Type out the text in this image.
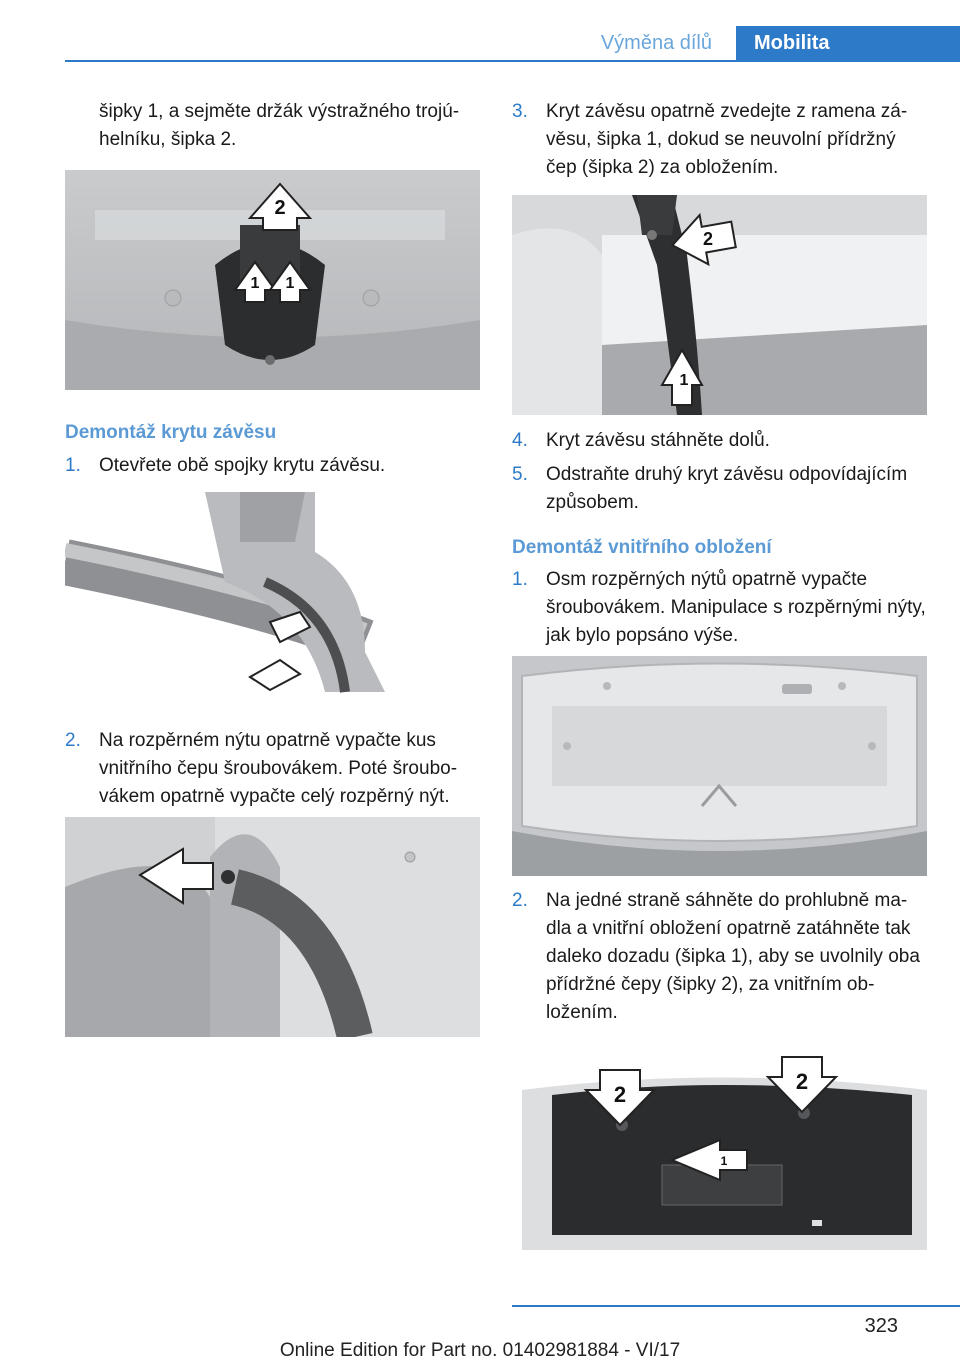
Výměna dílů	Mobilita

šipky 1, a sejměte držák výstražného trojú‐ helníku, šipka 2.

2
1 1
Demontáž krytu závěsu
1. Otevřete obě spojky krytu závěsu.
2. Na rozpěrném nýtu opatrně vypačte kus vnitřního čepu šroubovákem. Poté šroubo‐ vákem opatrně vypačte celý rozpěrný nýt.
3. Kryt závěsu opatrně zvedejte z ramena zá‐ věsu, šipka 1, dokud se neuvolní přídržný čep (šipka 2) za obložením.
2
1
4. Kryt závěsu stáhněte dolů.
5. Odstraňte druhý kryt závěsu odpovídajícím způsobem.
Demontáž vnitřního obložení
1. Osm rozpěrných nýtů opatrně vypačte šroubovákem. Manipulace s rozpěrnými nýty, jak bylo popsáno výše.
2. Na jedné straně sáhněte do prohlubně ma‐ dla a vnitřní obložení opatrně zatáhněte tak daleko dozadu (šipka 1), aby se uvolnily oba přídržné čepy (šipky 2), za vnitřním ob‐ ložením.
2
2
1
323
Online Edition for Part no. 01402981884 - VI/17
